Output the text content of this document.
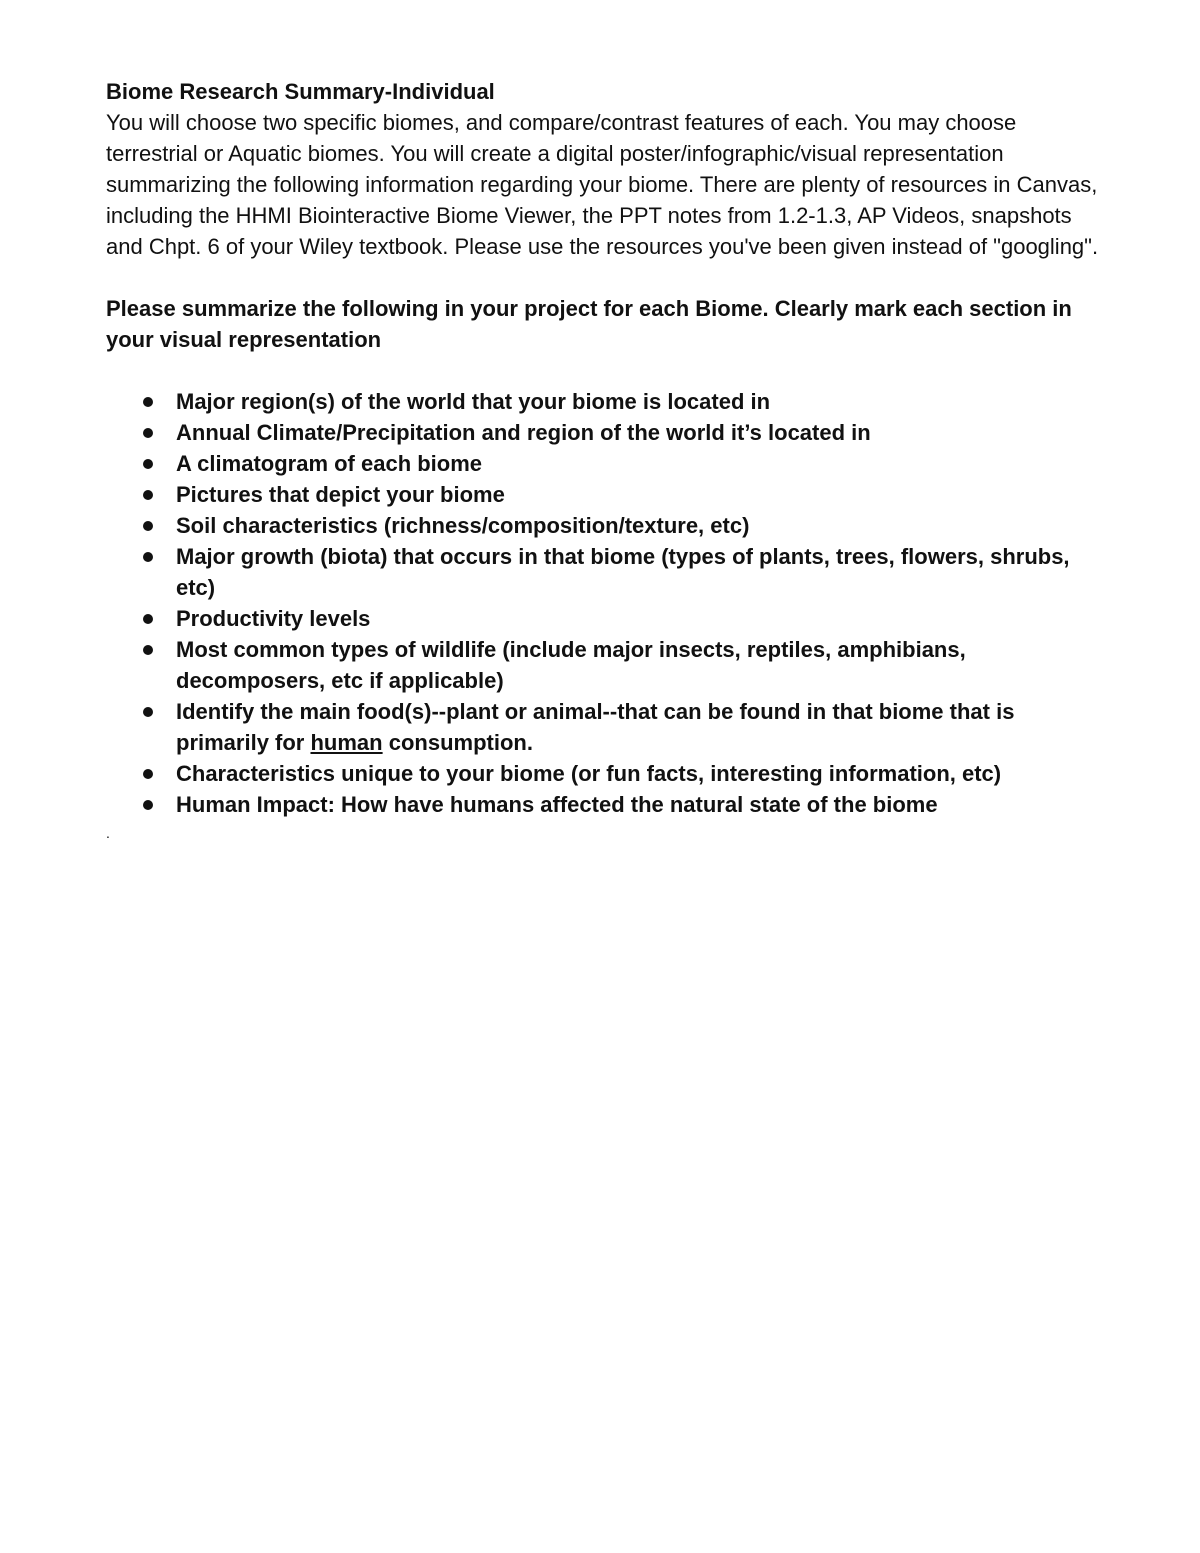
Biome Research Summary-Individual

You will choose two specific biomes, and compare/contrast features of each. You may choose terrestrial or Aquatic biomes. You will create a digital poster/infographic/visual representation summarizing the following information regarding your biome. There are plenty of resources in Canvas, including the HHMI Biointeractive Biome Viewer, the PPT notes from 1.2-1.3, AP Videos, snapshots and Chpt. 6 of your Wiley textbook. Please use the resources you've been given instead of "googling".

Please summarize the following in your project for each Biome. Clearly mark each section in your visual representation

Major region(s) of the world that your biome is located in
Annual Climate/Precipitation and region of the world it’s located in
A climatogram of each biome
Pictures that depict your biome
Soil characteristics (richness/composition/texture, etc)
Major growth (biota) that occurs in that biome (types of plants, trees, flowers, shrubs, etc)
Productivity levels
Most common types of wildlife (include major insects, reptiles, amphibians, decomposers, etc if applicable)
Identify the main food(s)--plant or animal--that can be found in that biome that is primarily for human consumption.
Characteristics unique to your biome (or fun facts, interesting information, etc)
Human Impact: How have humans affected the natural state of the biome

.
